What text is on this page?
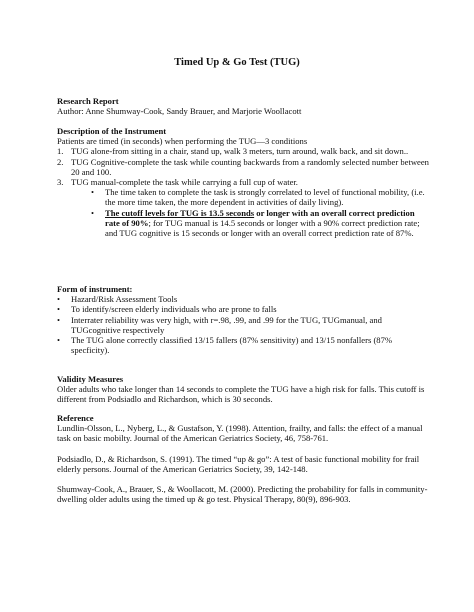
Timed Up & Go Test (TUG)

Research Report

Author: Anne Shumway-Cook, Sandy Brauer, and Marjorie Woollacott

Description of the Instrument

Patients are timed (in seconds) when performing the TUG—3 conditions

1. TUG alone-from sitting in a chair, stand up, walk 3 meters, turn around, walk back, and sit down..
2. TUG Cognitive-complete the task while counting backwards from a randomly selected number between 20 and 100.
3. TUG manual-complete the task while carrying a full cup of water.
• The time taken to complete the task is strongly correlated to level of functional mobility, (i.e. the more time taken, the more dependent in activities of daily living).
• The cutoff levels for TUG is 13.5 seconds or longer with an overall correct prediction rate of 90%; for TUG manual is 14.5 seconds or longer with a 90% correct prediction rate; and TUG cognitive is 15 seconds or longer with an overall correct prediction rate of 87%.

Form of instrument:

• Hazard/Risk Assessment Tools
• To identify/screen elderly individuals who are prone to falls
• Interrater reliability was very high, with r=.98, .99, and .99 for the TUG, TUGmanual, and TUGcognitive respectively
• The TUG alone correctly classified 13/15 fallers (87% sensitivity) and 13/15 nonfallers (87% specficity).

Validity Measures

Older adults who take longer than 14 seconds to complete the TUG have a high risk for falls. This cutoff is different from Podsiadlo and Richardson, which is 30 seconds.

Reference

Lundlin-Olsson, L., Nyberg, L., & Gustafson, Y. (1998). Attention, frailty, and falls: the effect of a manual task on basic mobilty. Journal of the American Geriatrics Society, 46, 758-761.

Podsiadlo, D., & Richardson, S. (1991). The timed “up & go”: A test of basic functional mobility for frail elderly persons. Journal of the American Geriatrics Society, 39, 142-148.

Shumway-Cook, A., Brauer, S., & Woollacott, M. (2000). Predicting the probability for falls in community-dwelling older adults using the timed up & go test. Physical Therapy, 80(9), 896-903.
